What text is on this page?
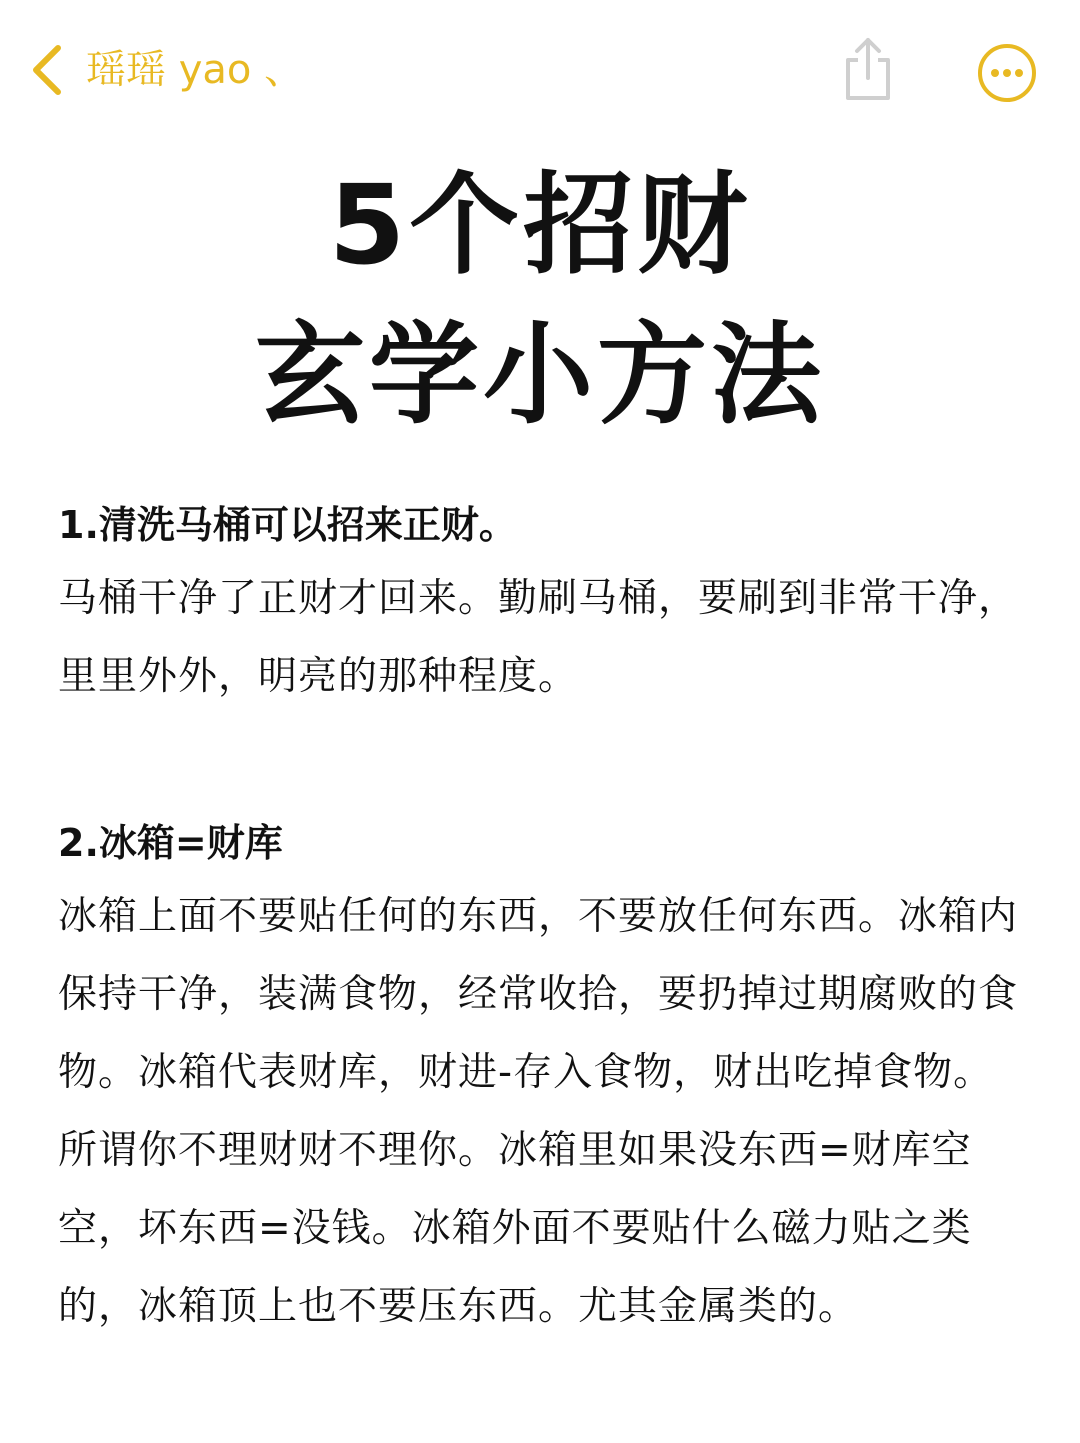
瑶瑶 yao 、
5个招财
玄学小方法

1.清洗马桶可以招来正财。

马桶干净了正财才回来。勤刷马桶，要刷到非常干净，里里外外，明亮的那种程度。

2.冰箱=财库

冰箱上面不要贴任何的东西，不要放任何东西。冰箱内保持干净，装满食物，经常收拾，要扔掉过期腐败的食物。冰箱代表财库，财进-存入食物，财出吃掉食物。所谓你不理财财不理你。冰箱里如果没东西=财库空空，坏东西=没钱。冰箱外面不要贴什么磁力贴之类的，冰箱顶上也不要压东西。尤其金属类的。
